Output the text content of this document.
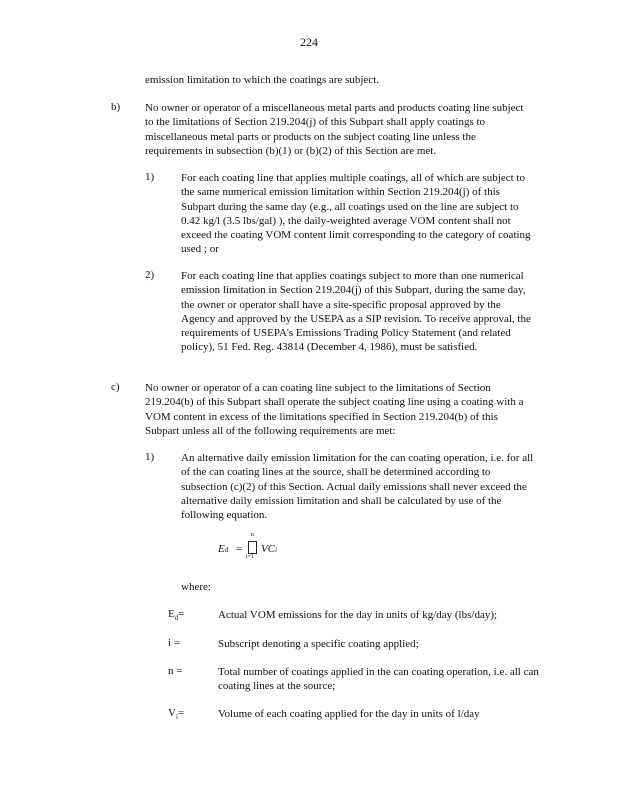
224
emission limitation to which the coatings are subject.
b) No owner or operator of a miscellaneous metal parts and products coating line subject to the limitations of Section 219.204(j) of this Subpart shall apply coatings to miscellaneous metal parts or products on the subject coating line unless the requirements in subsection (b)(1) or (b)(2) of this Section are met.

1) For each coating line that applies multiple coatings, all of which are subject to the same numerical emission limitation within Section 219.204(j) of this Subpart during the same day (e.g., all coatings used on the line are subject to 0.42 kg/l (3.5 lbs/gal) ), the daily-weighted average VOM content shall not exceed the coating VOM content limit corresponding to the category of coating used ; or

2) For each coating line that applies coatings subject to more than one numerical emission limitation in Section 219.204(j) of this Subpart, during the same day, the owner or operator shall have a site-specific proposal approved by the Agency and approved by the USEPA as a SIP revision. To receive approval, the requirements of USEPA's Emissions Trading Policy Statement (and related policy), 51 Fed. Reg. 43814 (December 4, 1986), must be satisfied.

c) No owner or operator of a can coating line subject to the limitations of Section 219.204(b) of this Subpart shall operate the subject coating line using a coating with a VOM content in excess of the limitations specified in Section 219.204(b) of this Subpart unless all of the following requirements are met:

1) An alternative daily emission limitation for the can coating operation, i.e. for all of the can coating lines at the source, shall be determined according to subsection (c)(2) of this Section. Actual daily emissions shall never exceed the alternative daily emission limitation and shall be calculated by use of the following equation.

Ed =
n
i=1
VCi
where:
$E_d=$	Actual VOM emissions for the day in units of kg/day (lbs/day);
i =	Subscript denoting a specific coating applied;
n =	Total number of coatings applied in the can coating operation, i.e. all can coating lines at the source;
$V_i=$	Volume of each coating applied for the day in units of l/day
